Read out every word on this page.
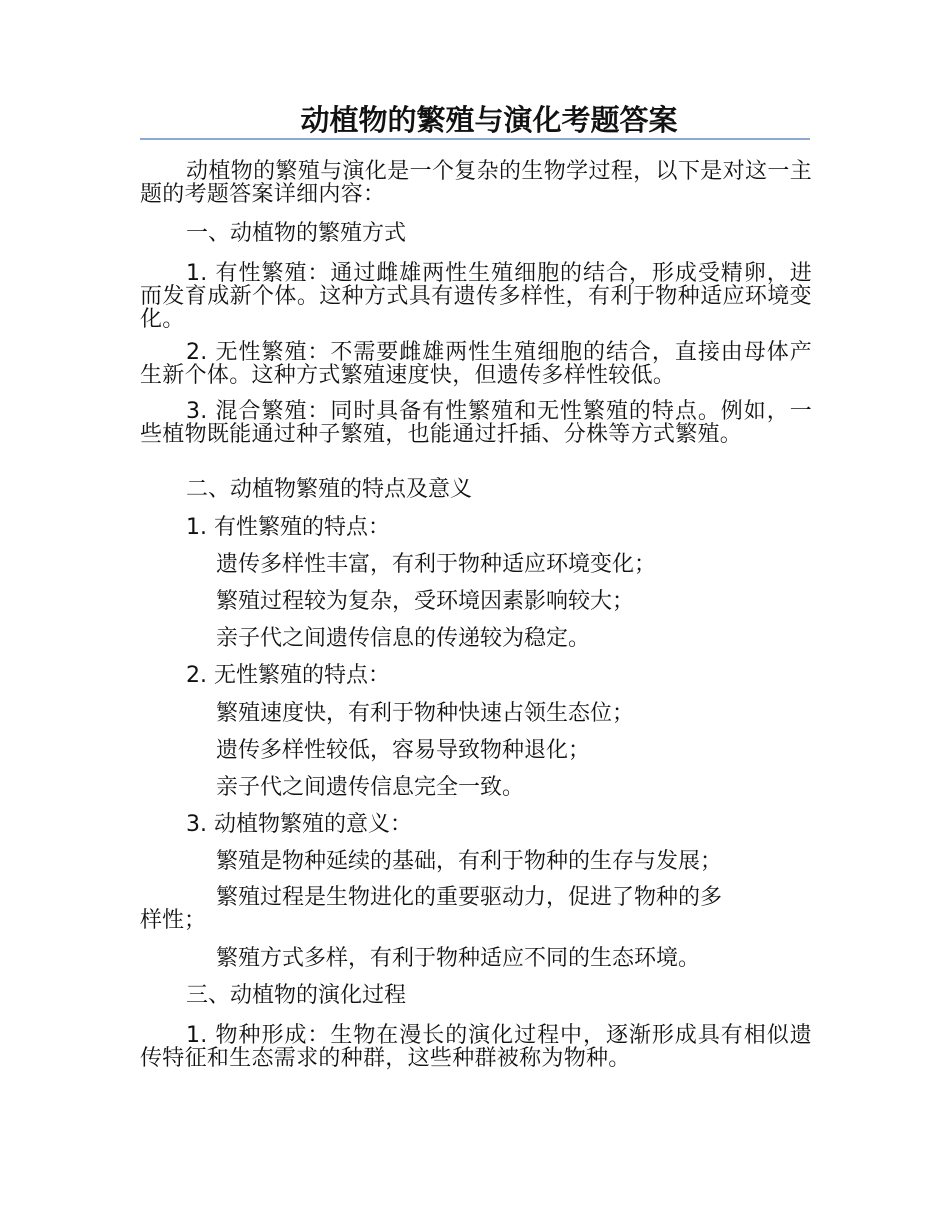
动植物的繁殖与演化考题答案
动植物的繁殖与演化是一个复杂的生物学过程，以下是对这一主题的考题答案详细内容：
一、动植物的繁殖方式
1. 有性繁殖：通过雌雄两性生殖细胞的结合，形成受精卵，进而发育成新个体。这种方式具有遗传多样性，有利于物种适应环境变化。
2. 无性繁殖：不需要雌雄两性生殖细胞的结合，直接由母体产生新个体。这种方式繁殖速度快，但遗传多样性较低。
3. 混合繁殖：同时具备有性繁殖和无性繁殖的特点。例如，一些植物既能通过种子繁殖，也能通过扦插、分株等方式繁殖。
二、动植物繁殖的特点及意义
1. 有性繁殖的特点：
遗传多样性丰富，有利于物种适应环境变化；
繁殖过程较为复杂，受环境因素影响较大；
亲子代之间遗传信息的传递较为稳定。
2. 无性繁殖的特点：
繁殖速度快，有利于物种快速占领生态位；
遗传多样性较低，容易导致物种退化；
亲子代之间遗传信息完全一致。
3. 动植物繁殖的意义：
繁殖是物种延续的基础，有利于物种的生存与发展；
繁殖过程是生物进化的重要驱动力，促进了物种的多
样性；
繁殖方式多样，有利于物种适应不同的生态环境。
三、动植物的演化过程
1. 物种形成：生物在漫长的演化过程中，逐渐形成具有相似遗传特征和生态需求的种群，这些种群被称为物种。
